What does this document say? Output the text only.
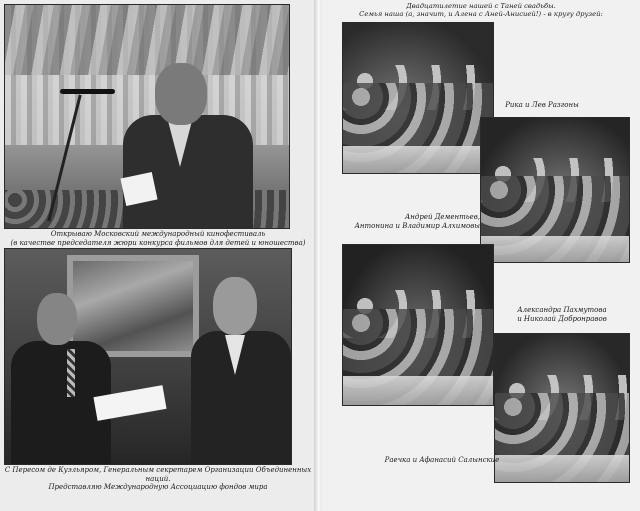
Открываю Московский международный кинофестиваль
(в качестве председателя жюри конкурса фильмов для детей и юношества)

С Пересом де Куэльяром, Генеральным секретарем Организации Объединенных наций.
Представляю Международную Ассоциацию фондов мира

Двадцатилетие нашей с Таней свадьбы.
Семья наша (а, значит, и Алена с Аней-Анисией!) - в кругу друзей:

Рика и Лев Разгоны

Андрей Дементьев,
Антонина и Владимир Алхимовы

Александра Пахмутова
и Николай Добронравов

Раечка и Афанасий Салынские
